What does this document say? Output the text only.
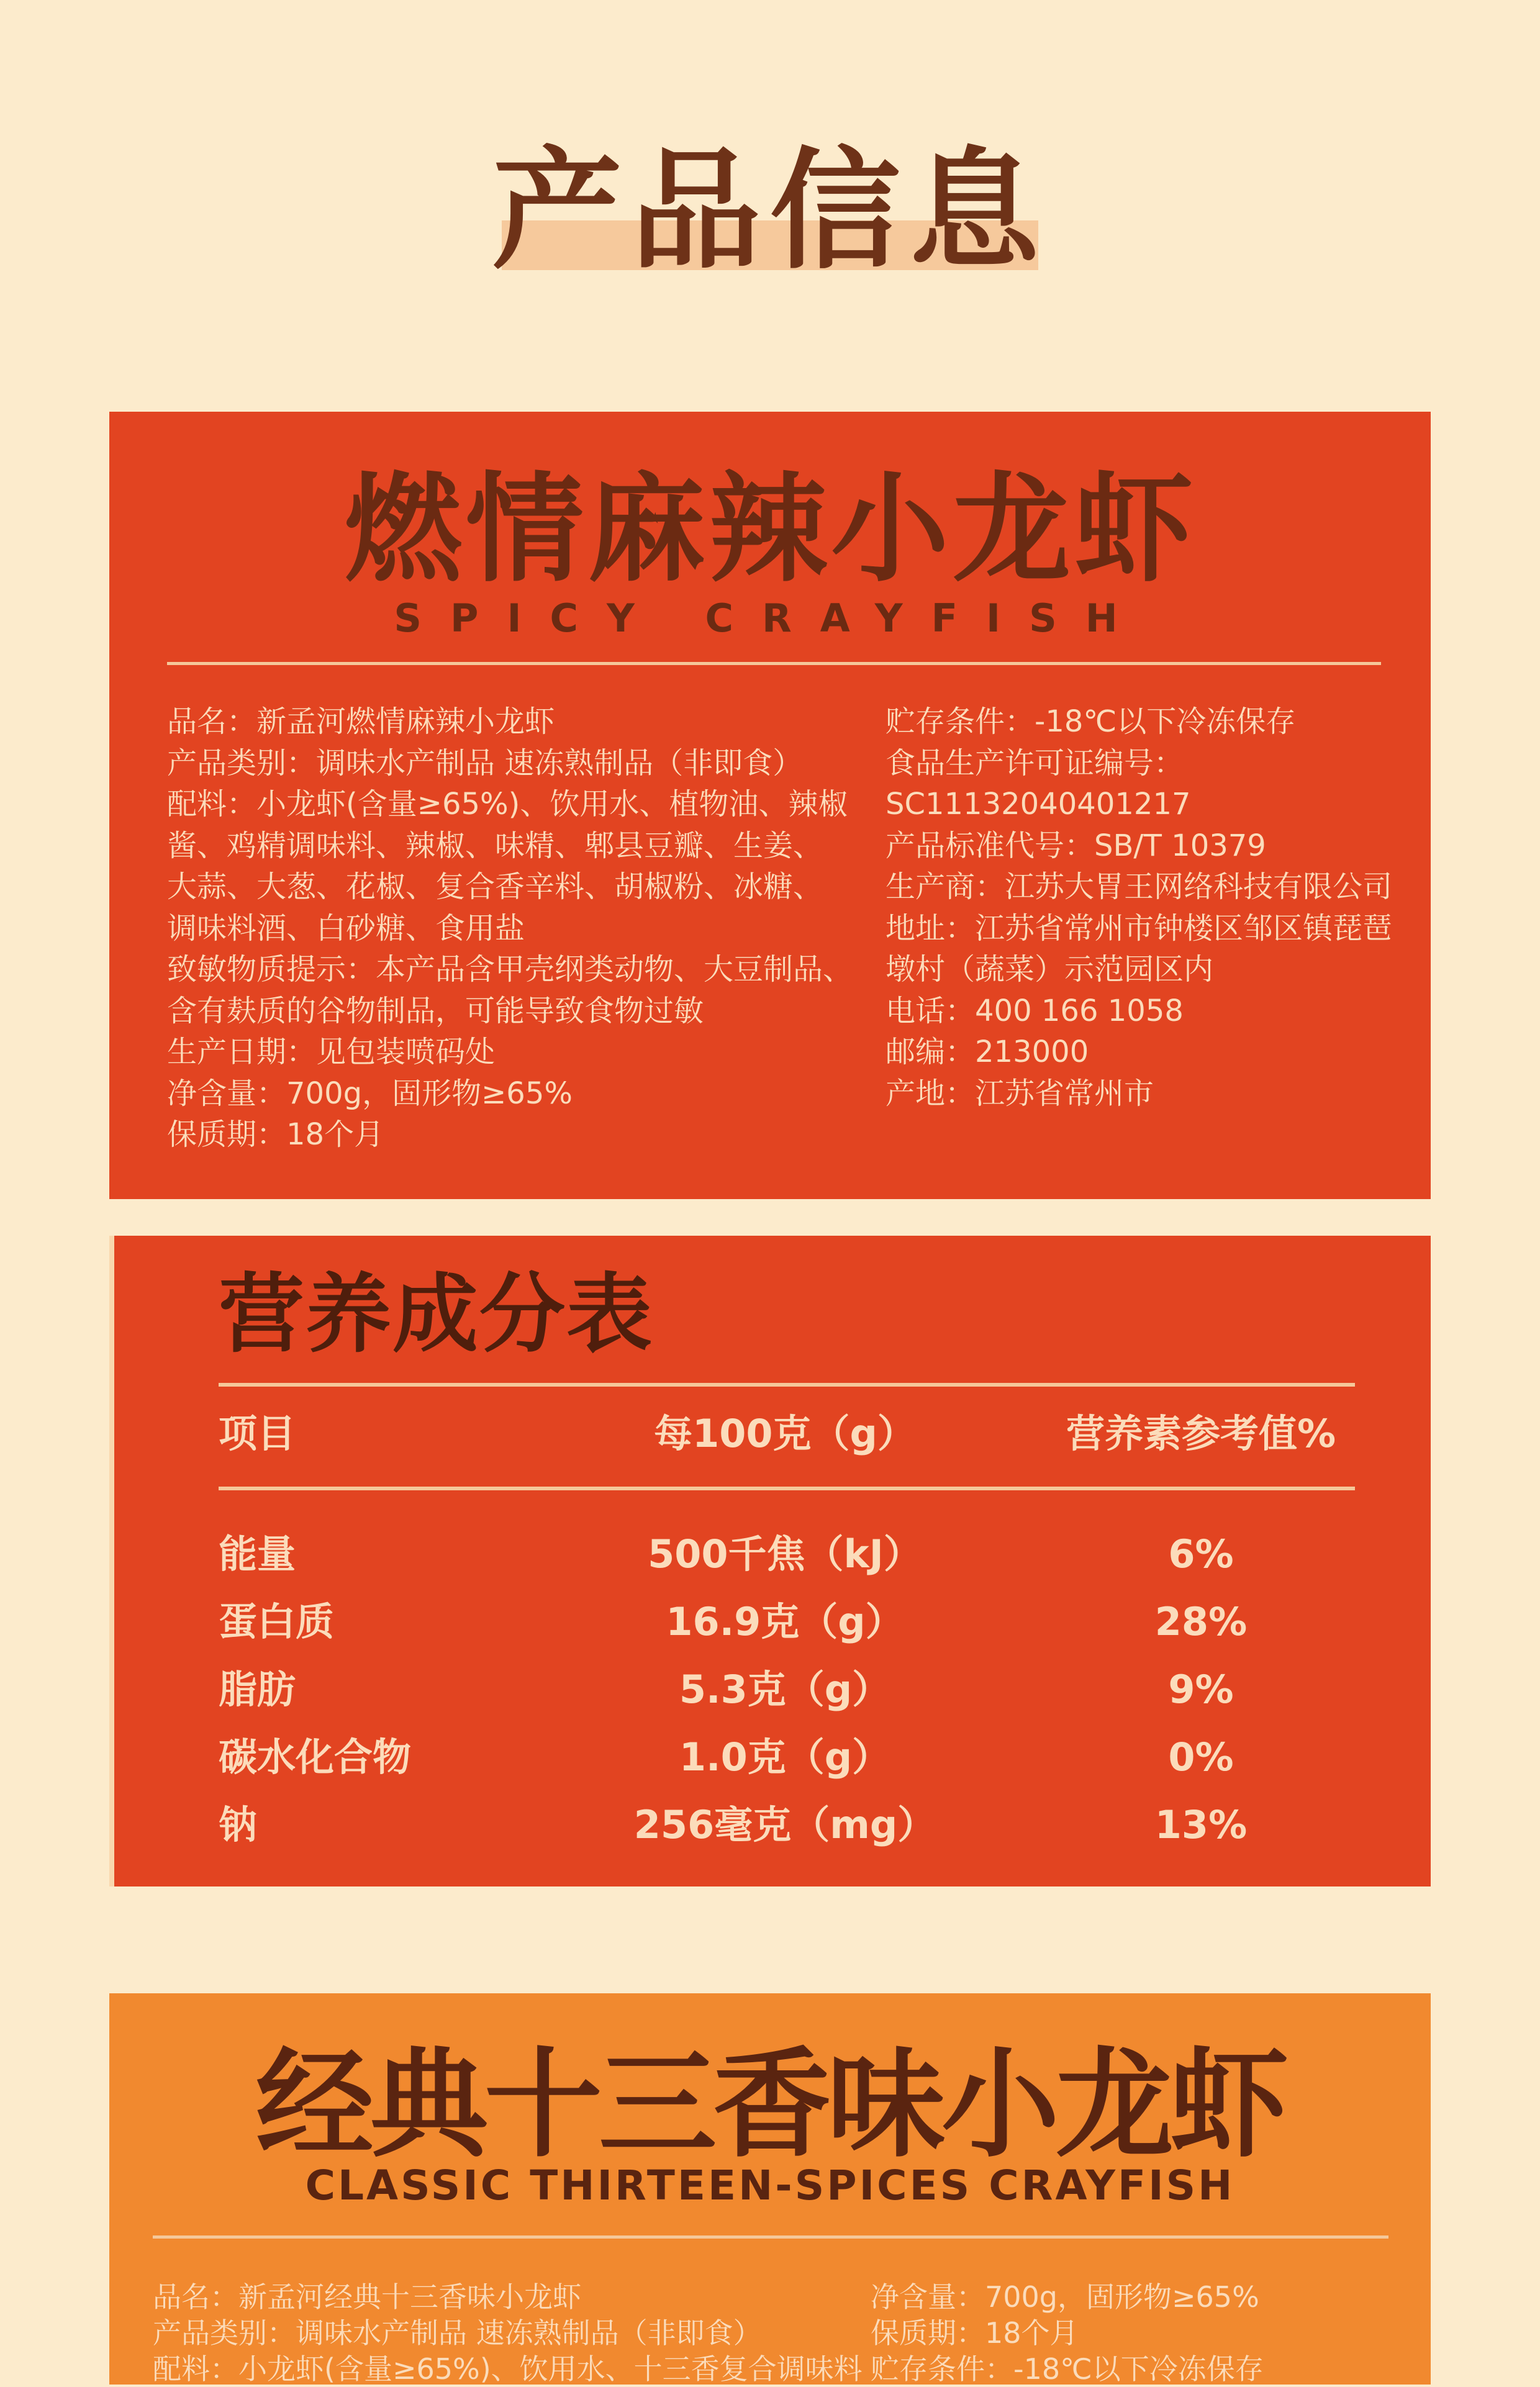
产品信息
燃情麻辣小龙虾
SPICY CRAYFISH
品名：新孟河燃情麻辣小龙虾
产品类别：调味水产制品 速冻熟制品（非即食）
配料：小龙虾(含量≥65%)、饮用水、植物油、辣椒
酱、鸡精调味料、辣椒、味精、郫县豆瓣、生姜、
大蒜、大葱、花椒、复合香辛料、胡椒粉、冰糖、
调味料酒、白砂糖、食用盐
致敏物质提示：本产品含甲壳纲类动物、大豆制品、
含有麸质的谷物制品，可能导致食物过敏
生产日期：见包装喷码处
净含量：700g，固形物≥65%
保质期：18个月
贮存条件：-18℃以下冷冻保存
食品生产许可证编号：
SC11132040401217
产品标准代号：SB/T 10379
生产商：江苏大胃王网络科技有限公司
地址：江苏省常州市钟楼区邹区镇琵琶
墩村（蔬菜）示范园区内
电话：400 166 1058
邮编：213000
产地：江苏省常州市
营养成分表
项目	每100克（g）	营养素参考值%
能量	500千焦（kJ）	6%
蛋白质	16.9克（g）	28%
脂肪	5.3克（g）	9%
碳水化合物	1.0克（g）	0%
钠	256毫克（mg）	13%
经典十三香味小龙虾
CLASSIC THIRTEEN-SPICES CRAYFISH
品名：新孟河经典十三香味小龙虾
产品类别：调味水产制品 速冻熟制品（非即食）
配料：小龙虾(含量≥65%)、饮用水、十三香复合调味料
净含量：700g，固形物≥65%
保质期：18个月
贮存条件：-18℃以下冷冻保存
